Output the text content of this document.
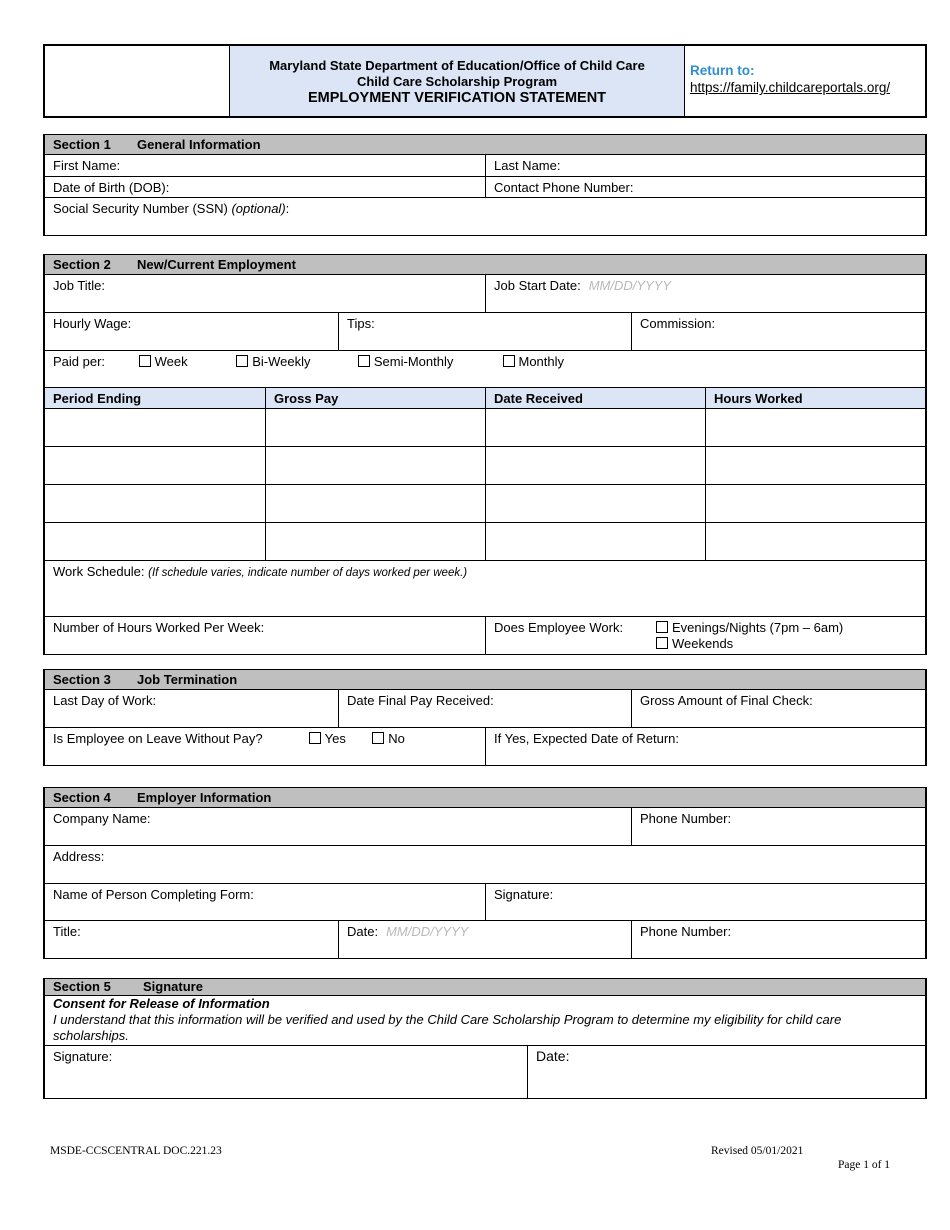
Maryland State Department of Education/Office of Child Care
Child Care Scholarship Program
EMPLOYMENT VERIFICATION STATEMENT
Return to:
https://family.childcareportals.org/
Section 1 General Information
First Name:	Last Name:
Date of Birth (DOB):	Contact Phone Number:
Social Security Number (SSN) (optional):
Section 2 New/Current Employment
Job Title:	Job Start Date: MM/DD/YYYY
Hourly Wage:	Tips:	Commission:
Paid per:	Week	Bi-Weekly	Semi-Monthly	Monthly
Period Ending	Gross Pay	Date Received	Hours Worked
Work Schedule: (If schedule varies, indicate number of days worked per week.)
Number of Hours Worked Per Week:	Does Employee Work:	Evenings/Nights (7pm – 6am)
Weekends
Section 3 Job Termination
Last Day of Work:	Date Final Pay Received:	Gross Amount of Final Check:
Is Employee on Leave Without Pay?	Yes	No	If Yes, Expected Date of Return:
Section 4 Employer Information
Company Name:	Phone Number:
Address:
Name of Person Completing Form:	Signature:
Title:	Date: MM/DD/YYYY	Phone Number:
Section 5 Signature
Consent for Release of Information
I understand that this information will be verified and used by the Child Care Scholarship Program to determine my eligibility for child care scholarships.
Signature:	Date:
MSDE-CCSCENTRAL DOC.221.23	Revised 05/01/2021
Page 1 of 1
